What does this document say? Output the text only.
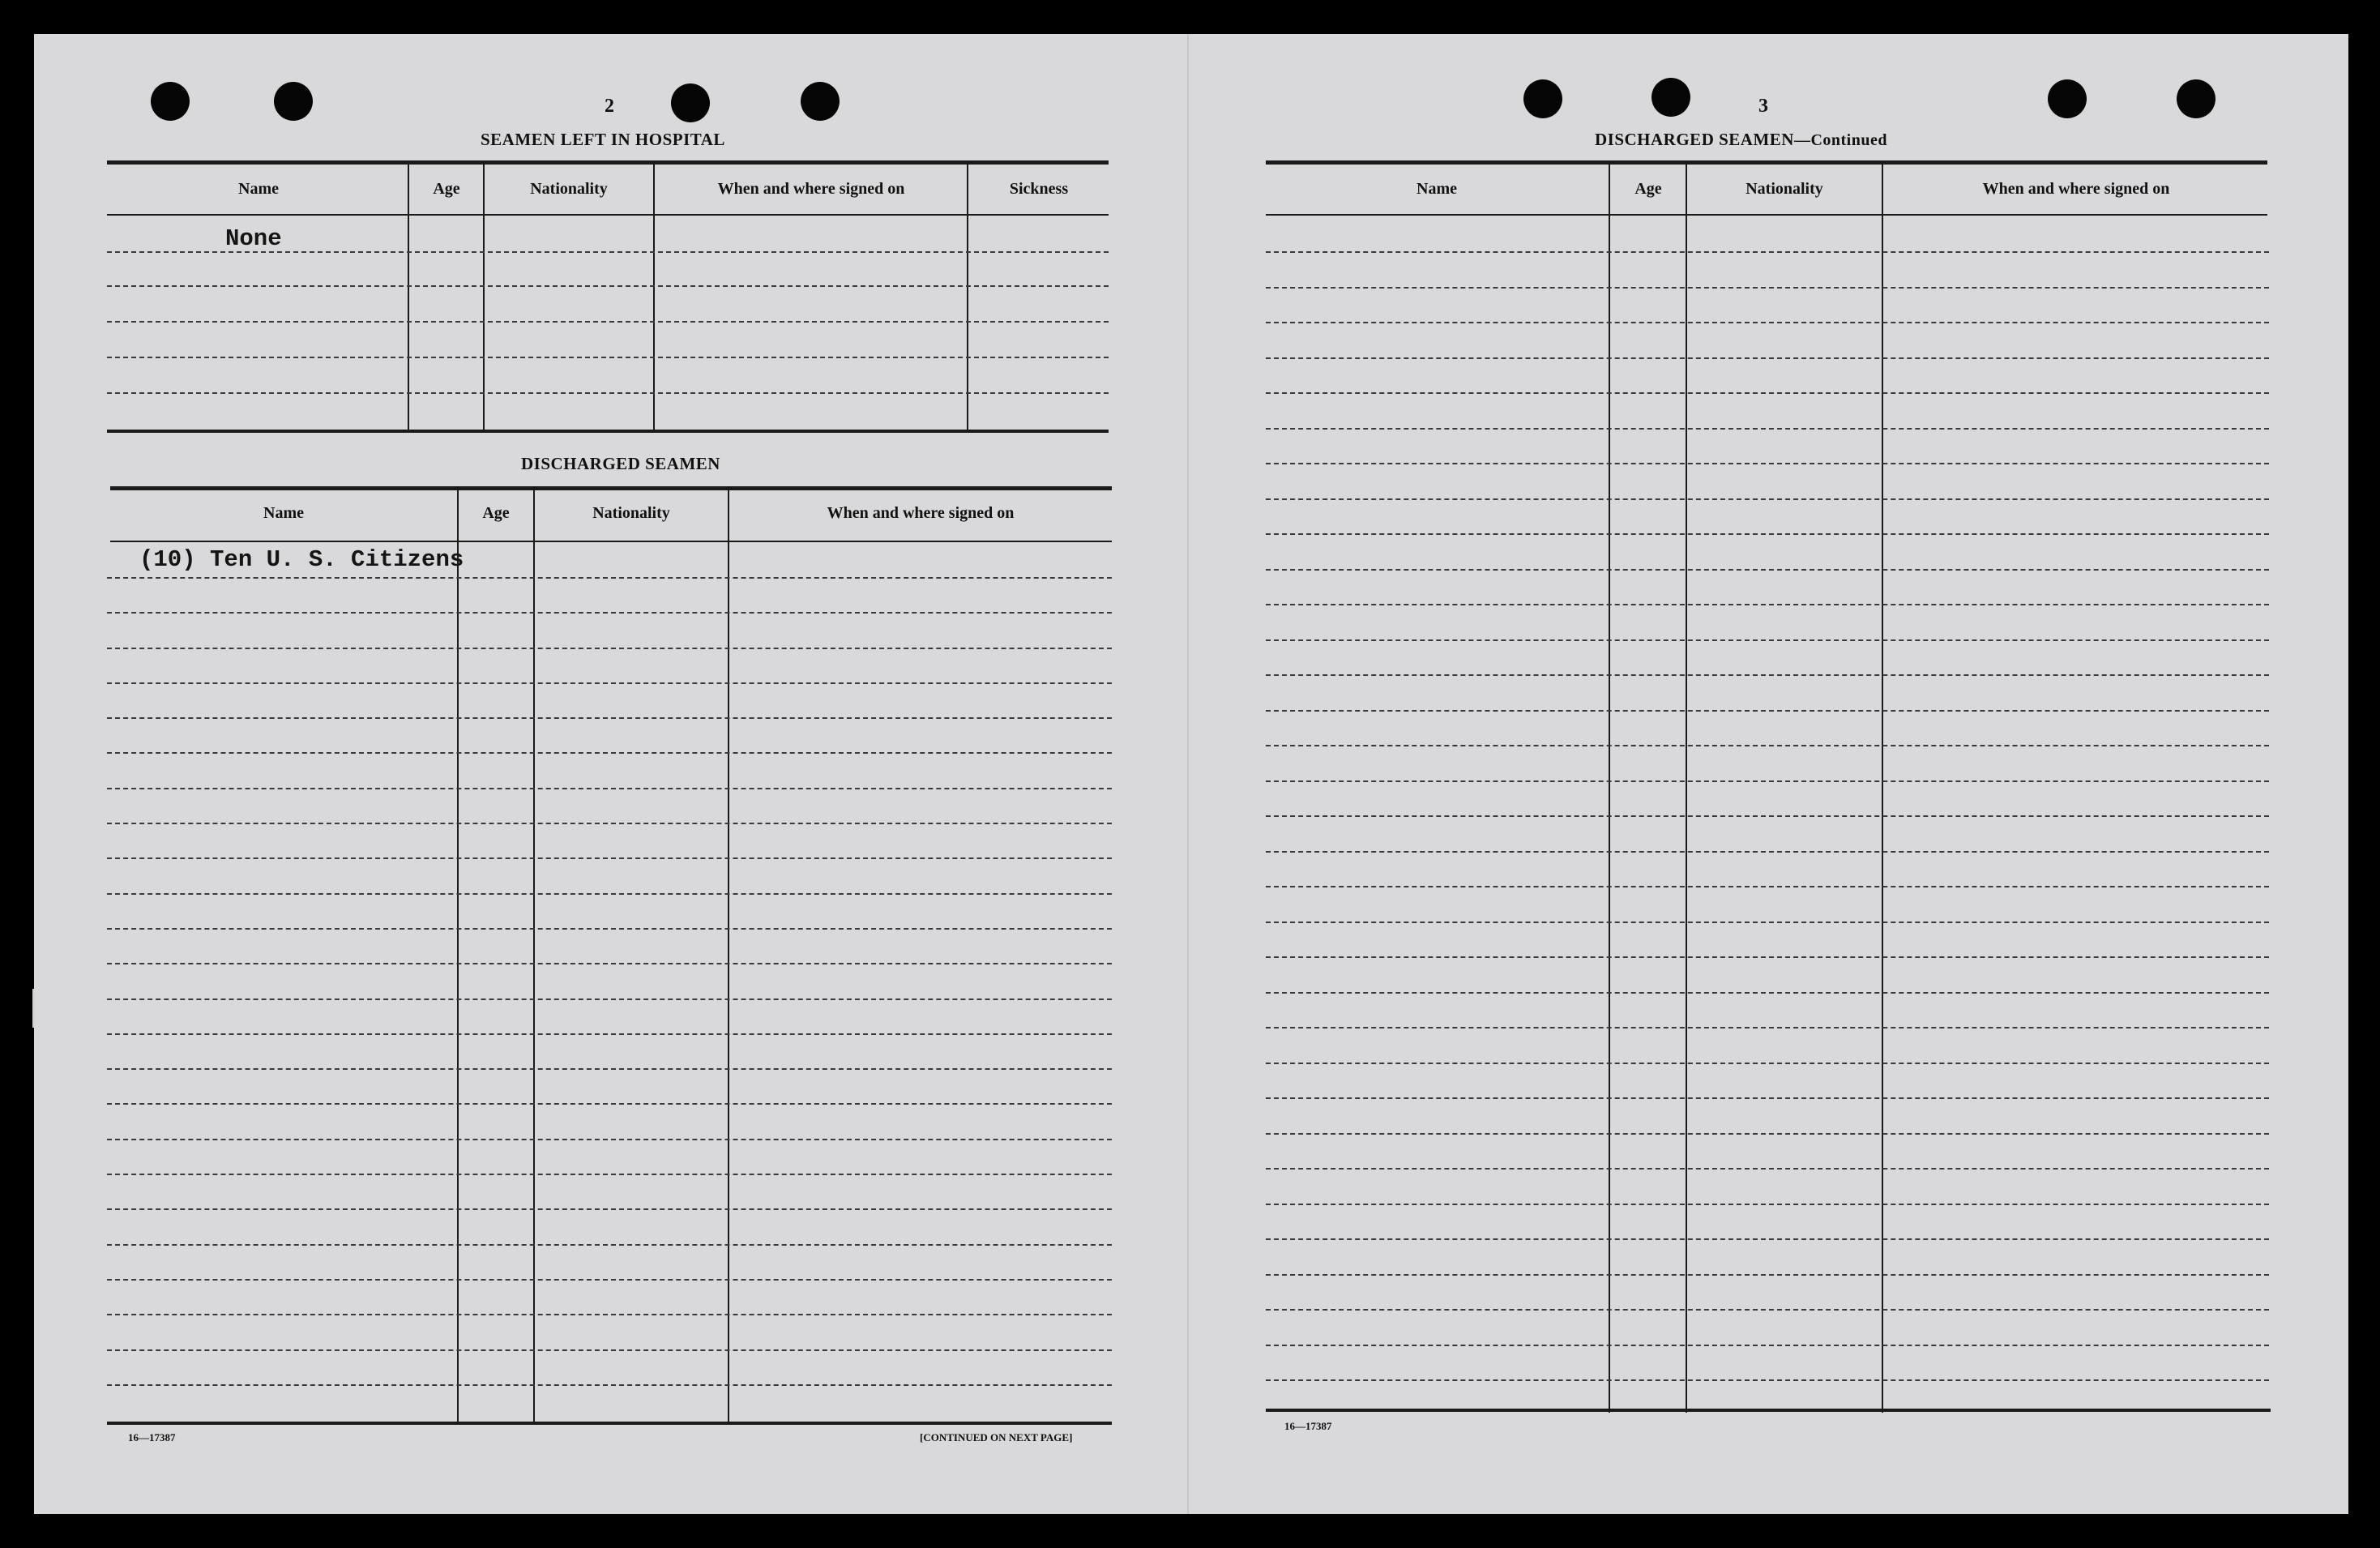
2
SEAMEN LEFT IN HOSPITAL
Name	Age	Nationality	When and where signed on	Sickness
None
DISCHARGED SEAMEN
Name	Age	Nationality	When and where signed on
(10) Ten U. S. Citizens
16—17387	[CONTINUED ON NEXT PAGE]
3
DISCHARGED SEAMEN—Continued
Name	Age	Nationality	When and where signed on
16—17387
